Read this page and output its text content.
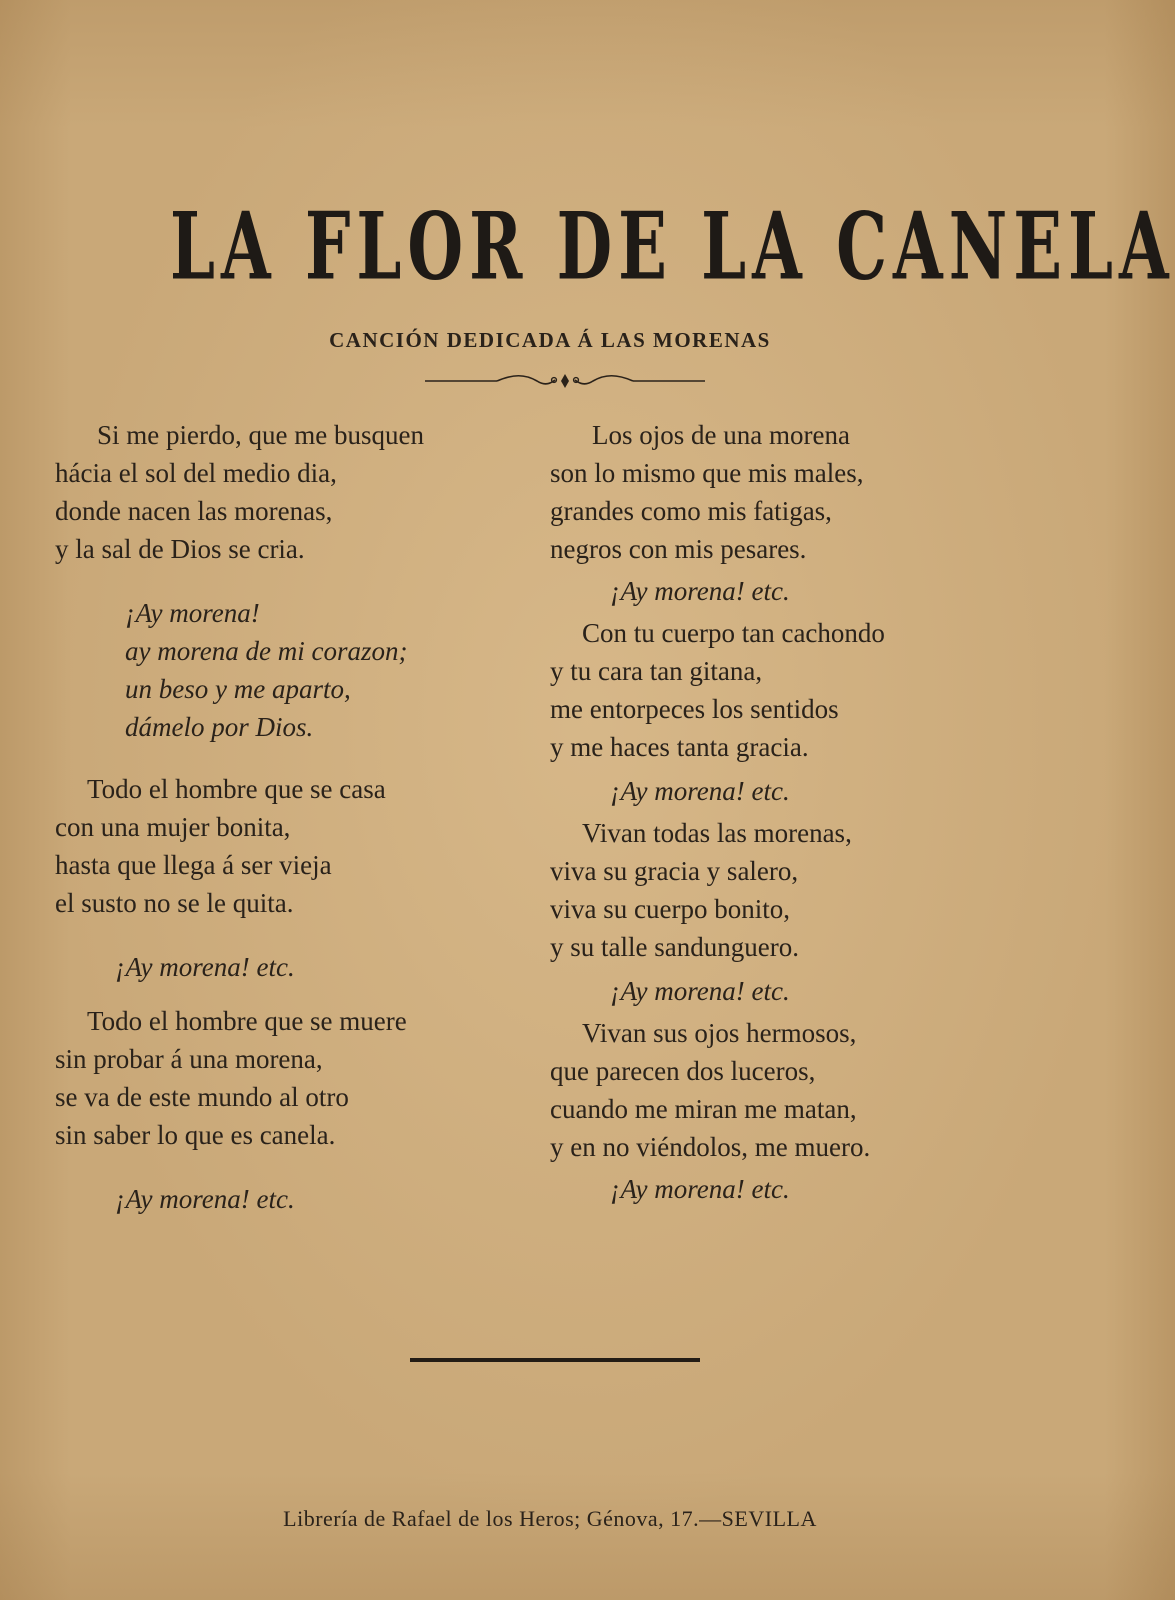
LA FLOR DE LA CANELA
CANCIÓN DEDICADA Á LAS MORENAS
Si me pierdo, que me busquen
hácia el sol del medio dia,
donde nacen las morenas,
y la sal de Dios se cria.
¡Ay morena!
ay morena de mi corazon;
un beso y me aparto,
dámelo por Dios.
Todo el hombre que se casa
con una mujer bonita,
hasta que llega á ser vieja
el susto no se le quita.
¡Ay morena! etc.
Todo el hombre que se muere
sin probar á una morena,
se va de este mundo al otro
sin saber lo que es canela.
¡Ay morena! etc.
Los ojos de una morena
son lo mismo que mis males,
grandes como mis fatigas,
negros con mis pesares.
¡Ay morena! etc.
Con tu cuerpo tan cachondo
y tu cara tan gitana,
me entorpeces los sentidos
y me haces tanta gracia.
¡Ay morena! etc.
Vivan todas las morenas,
viva su gracia y salero,
viva su cuerpo bonito,
y su talle sandunguero.
¡Ay morena! etc.
Vivan sus ojos hermosos,
que parecen dos luceros,
cuando me miran me matan,
y en no viéndolos, me muero.
¡Ay morena! etc.
Librería de Rafael de los Heros; Génova, 17.—SEVILLA
